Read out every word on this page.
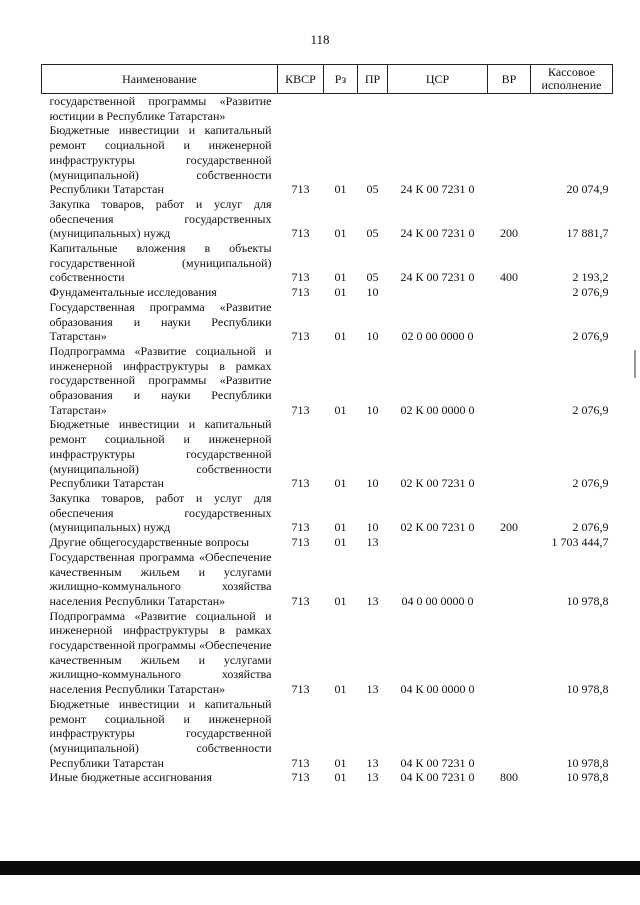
118
Наименование	КВСР	Рз	ПР	ЦСР	ВР	Кассовое исполнение
государственной программы «Развитие юстиции в Республике Татарстан»						
Бюджетные инвестиции и капитальный ремонт социальной и инженерной инфраструктуры государственной (муниципальной) собственности Республики Татарстан	713	01	05	24 К 00 7231 0		20 074,9
Закупка товаров, работ и услуг для обеспечения государственных (муниципальных) нужд	713	01	05	24 К 00 7231 0	200	17 881,7
Капитальные вложения в объекты государственной (муниципальной) собственности	713	01	05	24 К 00 7231 0	400	2 193,2
Фундаментальные исследования	713	01	10			2 076,9
Государственная программа «Развитие образования и науки Республики Татарстан»	713	01	10	02 0 00 0000 0		2 076,9
Подпрограмма «Развитие социальной и инженерной инфраструктуры в рамках государственной программы «Развитие образования и науки Республики Татарстан»	713	01	10	02 К 00 0000 0		2 076,9
Бюджетные инвестиции и капитальный ремонт социальной и инженерной инфраструктуры государственной (муниципальной) собственности Республики Татарстан	713	01	10	02 К 00 7231 0		2 076,9
Закупка товаров, работ и услуг для обеспечения государственных (муниципальных) нужд	713	01	10	02 К 00 7231 0	200	2 076,9
Другие общегосударственные вопросы	713	01	13			1 703 444,7
Государственная программа «Обеспечение качественным жильем и услугами жилищно-коммунального хозяйства населения Республики Татарстан»	713	01	13	04 0 00 0000 0		10 978,8
Подпрограмма «Развитие социальной и инженерной инфраструктуры в рамках государственной программы «Обеспечение качественным жильем и услугами жилищно-коммунального хозяйства населения Республики Татарстан»	713	01	13	04 К 00 0000 0		10 978,8
Бюджетные инвестиции и капитальный ремонт социальной и инженерной инфраструктуры государственной (муниципальной) собственности Республики Татарстан	713	01	13	04 К 00 7231 0		10 978,8
Иные бюджетные ассигнования	713	01	13	04 К 00 7231 0	800	10 978,8
